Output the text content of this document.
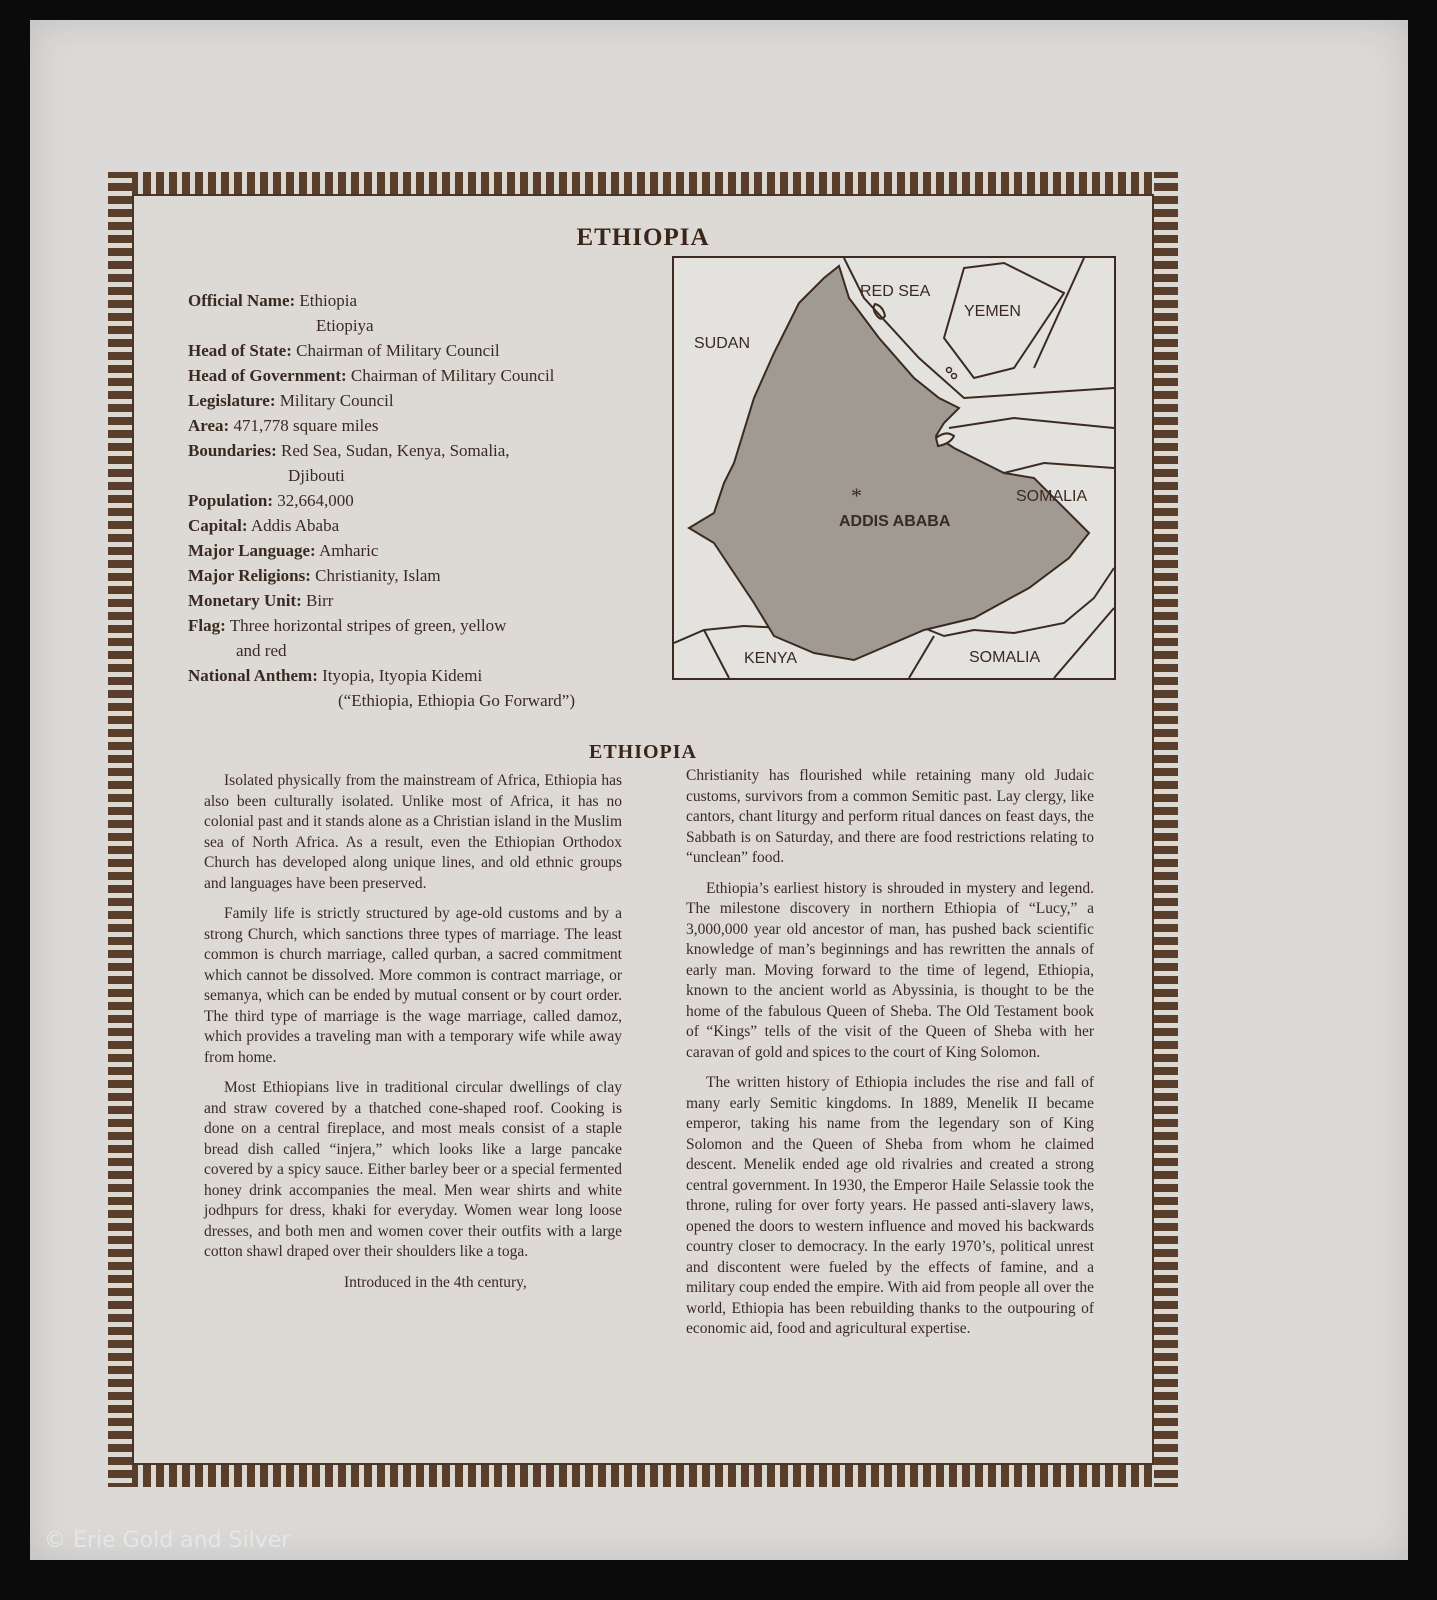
ETHIOPIA
Official Name: Ethiopia
Etiopiya
Head of State: Chairman of Military Council
Head of Government: Chairman of Military Council
Legislature: Military Council
Area: 471,778 square miles
Boundaries: Red Sea, Sudan, Kenya, Somalia,
Djibouti
Population: 32,664,000
Capital: Addis Ababa
Major Language: Amharic
Major Religions: Christianity, Islam
Monetary Unit: Birr
Flag: Three horizontal stripes of green, yellow
and red
National Anthem: Ityopia, Ityopia Kidemi
(“Ethiopia, Ethiopia Go Forward”)
*
RED SEA
YEMEN
SUDAN
SOMALIA
ADDIS ABABA
KENYA	SOMALIA
ETHIOPIA

Isolated physically from the mainstream of Africa, Ethiopia has also been culturally isolated. Unlike most of Africa, it has no colonial past and it stands alone as a Christian island in the Muslim sea of North Africa. As a result, even the Ethiopian Orthodox Church has developed along unique lines, and old ethnic groups and languages have been preserved.

Family life is strictly structured by age-old customs and by a strong Church, which sanctions three types of marriage. The least common is church marriage, called qurban, a sacred commitment which cannot be dissolved. More common is contract marriage, or semanya, which can be ended by mutual consent or by court order. The third type of marriage is the wage marriage, called damoz, which provides a traveling man with a temporary wife while away from home.

Most Ethiopians live in traditional circular dwellings of clay and straw covered by a thatched cone-shaped roof. Cooking is done on a central fireplace, and most meals consist of a staple bread dish called “injera,” which looks like a large pancake covered by a spicy sauce. Either barley beer or a special fermented honey drink accompanies the meal. Men wear shirts and white jodhpurs for dress, khaki for everyday. Women wear long loose dresses, and both men and women cover their outfits with a large cotton shawl draped over their shoulders like a toga.

Introduced in the 4th century,

Christianity has flourished while retaining many old Judaic customs, survivors from a common Semitic past. Lay clergy, like cantors, chant liturgy and perform ritual dances on feast days, the Sabbath is on Saturday, and there are food restrictions relating to “unclean” food.

Ethiopia’s earliest history is shrouded in mystery and legend. The milestone discovery in northern Ethiopia of “Lucy,” a 3,000,000 year old ancestor of man, has pushed back scientific knowledge of man’s beginnings and has rewritten the annals of early man. Moving forward to the time of legend, Ethiopia, known to the ancient world as Abyssinia, is thought to be the home of the fabulous Queen of Sheba. The Old Testament book of “Kings” tells of the visit of the Queen of Sheba with her caravan of gold and spices to the court of King Solomon.

The written history of Ethiopia includes the rise and fall of many early Semitic kingdoms. In 1889, Menelik II became emperor, taking his name from the legendary son of King Solomon and the Queen of Sheba from whom he claimed descent. Menelik ended age old rivalries and created a strong central government. In 1930, the Emperor Haile Selassie took the throne, ruling for over forty years. He passed anti-slavery laws, opened the doors to western influence and moved his backwards country closer to democracy. In the early 1970’s, political unrest and discontent were fueled by the effects of famine, and a military coup ended the empire. With aid from people all over the world, Ethiopia has been rebuilding thanks to the outpouring of economic aid, food and agricultural expertise.

© Erie Gold and Silver
